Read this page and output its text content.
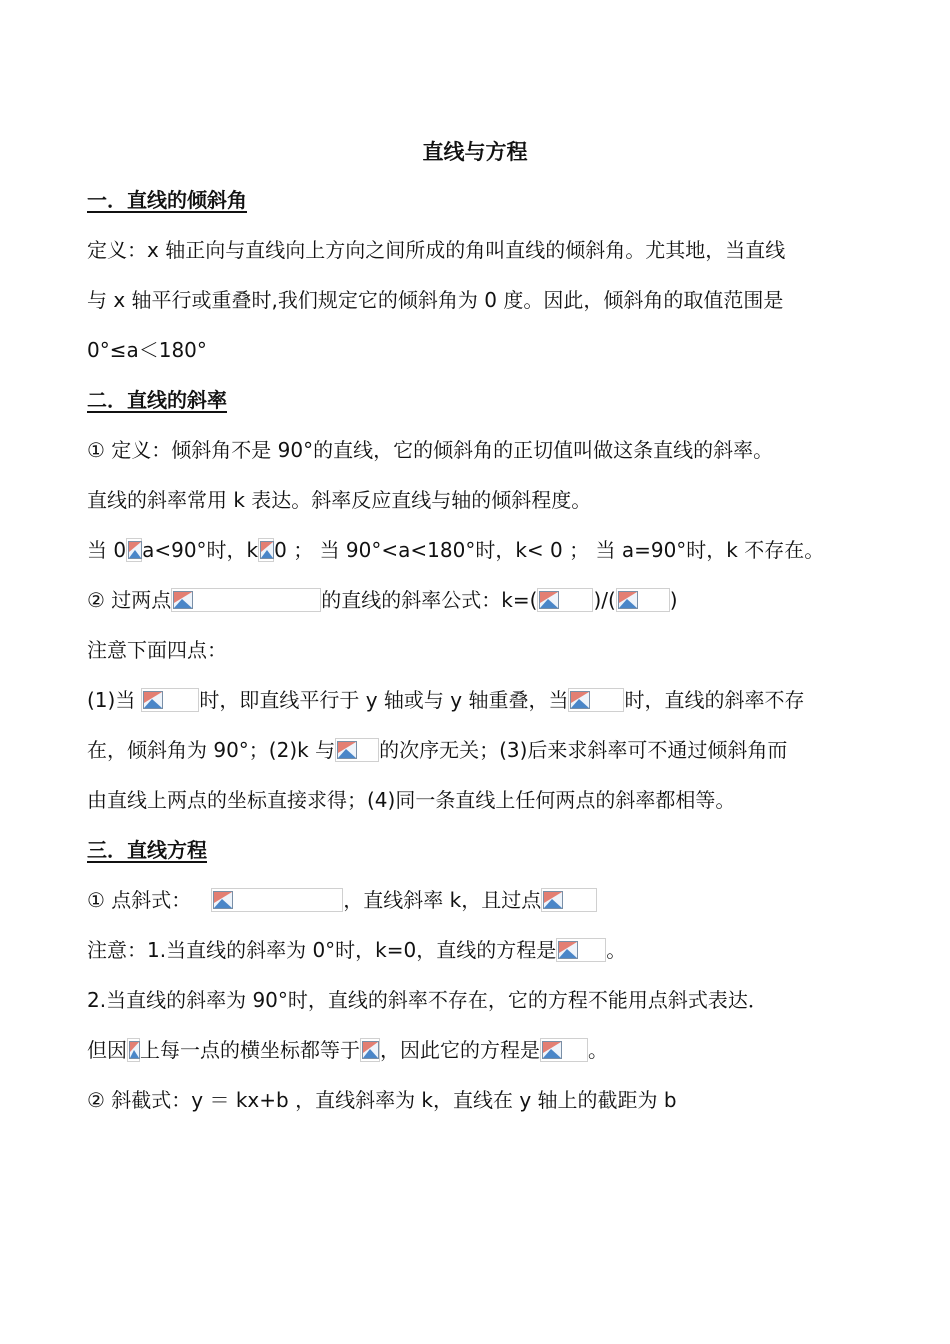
直线与方程
一．直线的倾斜角
定义：x 轴正向与直线向上方向之间所成的角叫直线的倾斜角。尤其地，当直线
与 x 轴平行或重叠时,我们规定它的倾斜角为 0 度。因此，倾斜角的取值范围是
0°≤a＜180°
二．直线的斜率
① 定义：倾斜角不是 90°的直线，它的倾斜角的正切值叫做这条直线的斜率。
直线的斜率常用 k 表达。斜率反应直线与轴的倾斜程度。
当 0 a<90°时，k 0 ； 当 90°<a<180°时，k< 0 ； 当 a=90°时，k 不存在。
② 过两点	的直线的斜率公式：k=(	)/(	)
注意下面四点：
(1)当	时，即直线平行于 y 轴或与 y 轴重叠，当	时，直线的斜率不存
在，倾斜角为 90°；(2)k 与 的次序无关；(3)后来求斜率可不通过倾斜角而
由直线上两点的坐标直接求得；(4)同一条直线上任何两点的斜率都相等。
三．直线方程
① 点斜式：	，直线斜率 k，且过点
注意：1.当直线的斜率为 0°时，k=0，直线的方程是	。
2.当直线的斜率为 90°时，直线的斜率不存在，它的方程不能用点斜式表达．
但因 上每一点的横坐标都等于 ，因此它的方程是 。
② 斜截式：y ＝ kx+b ，直线斜率为 k，直线在 y 轴上的截距为 b
